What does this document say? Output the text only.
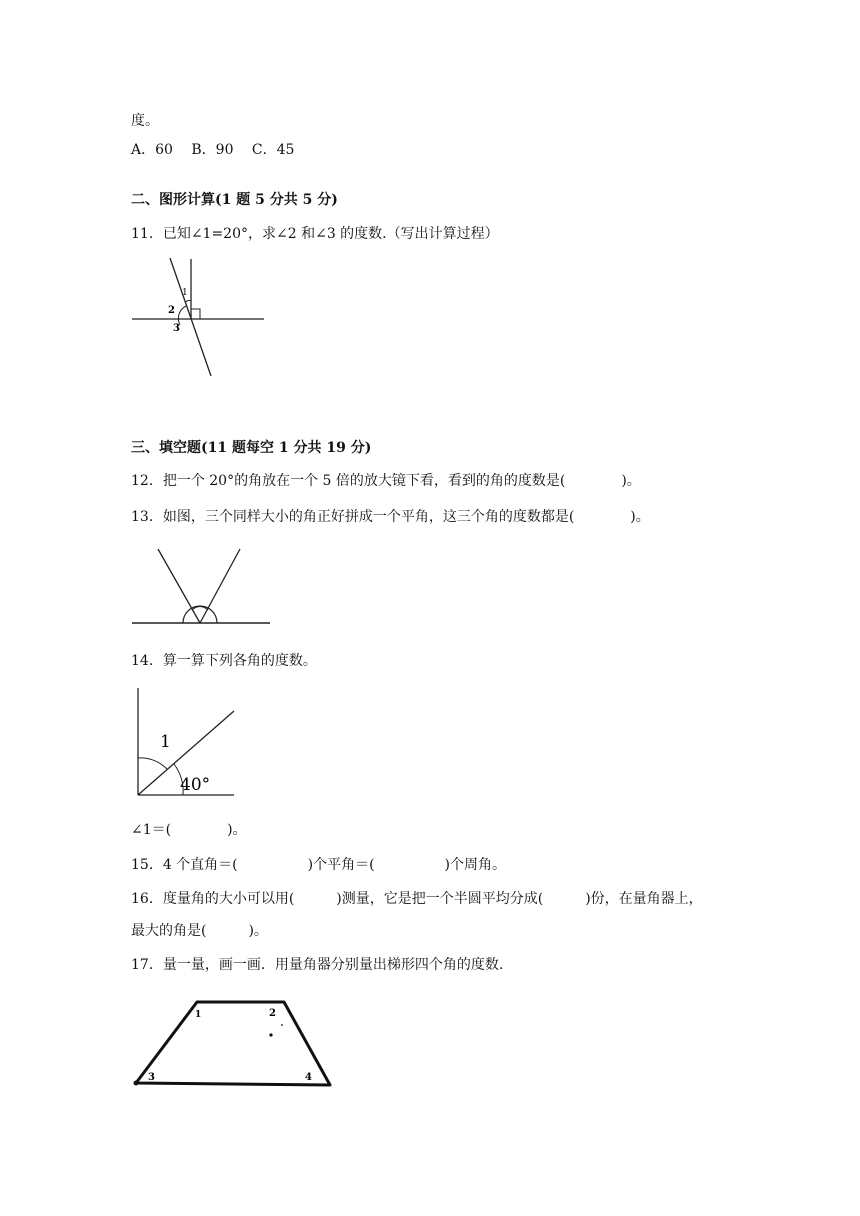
度。
A．60　 B．90　 C．45
二、图形计算(1 题 5 分共 5 分)
11．已知∠1=20°，求∠2 和∠3 的度数.（写出计算过程）
1
2
3
三、填空题(11 题每空 1 分共 19 分)
12．把一个 20°的角放在一个 5 倍的放大镜下看，看到的角的度数是(　　　　)。
13．如图，三个同样大小的角正好拼成一个平角，这三个角的度数都是(　　　　)。
14．算一算下列各角的度数。
1
40°
∠1＝(　　　　)。
15．4 个直角＝(　　　　　)个平角＝(　　　　　)个周角。
16．度量角的大小可以用(　　　)测量，它是把一个半圆平均分成(　　　)份，在量角器上，
最大的角是(　　　)。
17．量一量，画一画．用量角器分别量出梯形四个角的度数.
1	2
3	4
